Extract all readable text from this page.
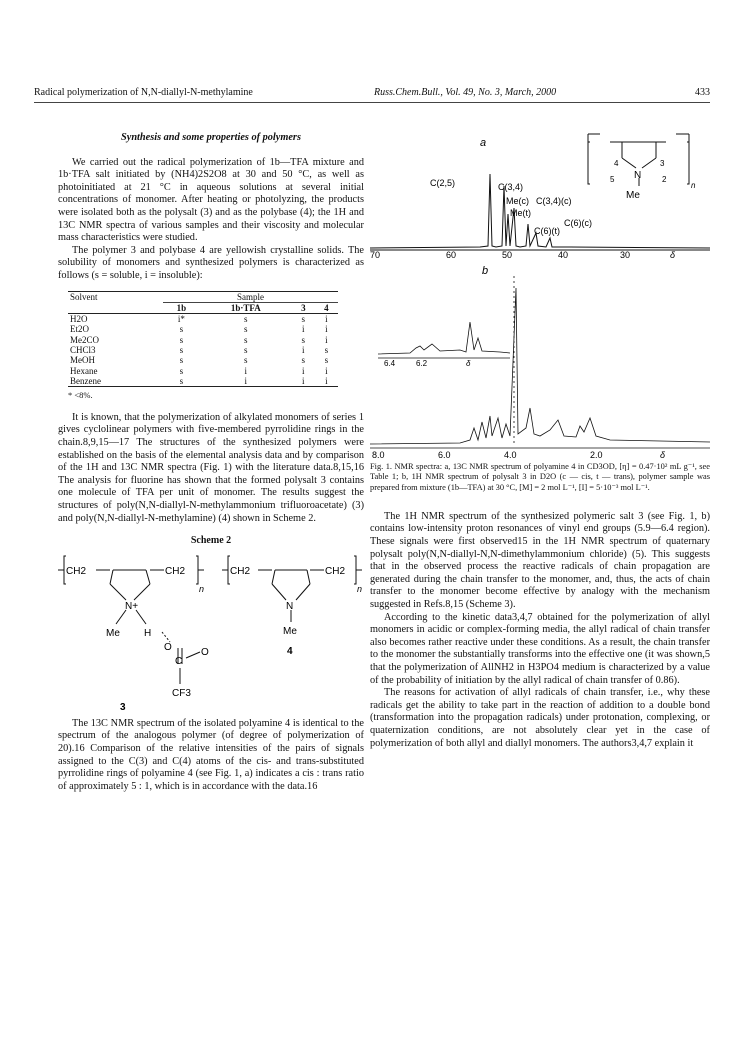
Radical polymerization of N,N-diallyl-N-methylamine	Russ.Chem.Bull., Vol. 49, No. 3, March, 2000	433
Synthesis and some properties of polymers

We carried out the radical polymerization of 1b—TFA mixture and 1b·TFA salt initiated by (NH4)2S2O8 at 30 and 50 °C, as well as photoinitiated at 21 °C in aqueous solutions at several initial concentrations of monomer. After heating or photolyzing, the products were isolated both as the polysalt (3) and as the polybase (4); the 1H and 13C NMR spectra of various samples and their viscosity and molecular mass characteristics were studied.

The polymer 3 and polybase 4 are yellowish crystalline solids. The solubility of monomers and synthesized polymers is characterized as follows (s = soluble, i = insoluble):

Solvent	Sample			
	1b	1b·TFA	3	4
H2O	i*	s	s	i
Et2O	s	s	i	i
Me2CO	s	s	s	i
CHCl3	s	s	i	s
MeOH	s	s	s	s
Hexane	s	i	i	i
Benzene	s	i	i	i
* <8%.

It is known, that the polymerization of alkylated monomers of series 1 gives cyclolinear polymers with five-membered pyrrolidine rings in the chain.8,9,15—17 The structures of the synthesized polymers were established on the basis of the elemental analysis data and by comparison of the 1H and 13C NMR spectra (Fig. 1) with the literature data.8,15,16 The analysis for fluorine has shown that the formed polysalt 3 contains one molecule of TFA per unit of monomer. The results suggest the structures of poly(N,N-diallyl-N-methylammonium trifluoroacetate) (3) and poly(N,N-diallyl-N-methylamine) (4) shown in Scheme 2.

Scheme 2
CH2	CH2
n
N+
Me H
O
C
O
CF3
3
CH2	CH2
n
N
Me
4

The 13C NMR spectrum of the isolated polyamine 4 is identical to the spectrum of the analogous polymer (of degree of polymerization of 20).16 Comparison of the relative intensities of the pairs of signals assigned to the C(3) and C(4) atoms of the cis- and trans-substituted pyrrolidine rings of polyamine 4 (see Fig. 1, a) indicates a cis : trans ratio of approximately 5 : 1, which is in accordance with the data.16

a
C(2,5)	C(3,4)
Me(c) C(3,4)(c)
Me(t)
C(6)(t)
C(6)(c)
4	3
5	2
N
Me
n
70	60	50	40	30	δ
b
6.4	6.2	δ
8.0	6.0	4.0	2.0	δ
Fig. 1. NMR spectra: a, 13C NMR spectrum of polyamine 4 in CD3OD, [η] = 0.47·10² mL g⁻¹, see Table 1; b, 1H NMR spectrum of polysalt 3 in D2O (c — cis, t — trans), polymer sample was prepared from mixture (1b—TFA) at 30 °C, [M] = 2 mol L⁻¹, [I] = 5·10⁻³ mol L⁻¹.

The 1H NMR spectrum of the synthesized polymeric salt 3 (see Fig. 1, b) contains low-intensity proton resonances of vinyl end groups (5.9—6.4 region). These signals were first observed15 in the 1H NMR spectrum of quaternary polysalt poly(N,N-diallyl-N,N-dimethylammonium chloride) (5). This suggests that in the observed process the reactive radicals of chain propagation are generated during the chain transfer to the monomer, and, thus, the acts of chain transfer to the monomer become effective by analogy with the mechanism suggested in Refs.8,15 (Scheme 3).

According to the kinetic data3,4,7 obtained for the polymerization of allyl monomers in acidic or complex-forming media, the allyl radical of chain transfer also becomes rather reactive under these conditions. As a result, the chain transfer to the monomer the substantially transforms into the effective one (it was shown,5 that the polymerization of AllNH2 in H3PO4 medium is characterized by a value of the probability of initiation by the allyl radical of chain transfer of 0.86).

The reasons for activation of allyl radicals of chain transfer, i.e., why these radicals get the ability to take part in the reaction of addition to a double bond (transformation into the propagation radicals) under protonation, complexing, or quaternization conditions, are not absolutely clear yet in the case of polymerization of both allyl and diallyl monomers. The authors3,4,7 explain it
